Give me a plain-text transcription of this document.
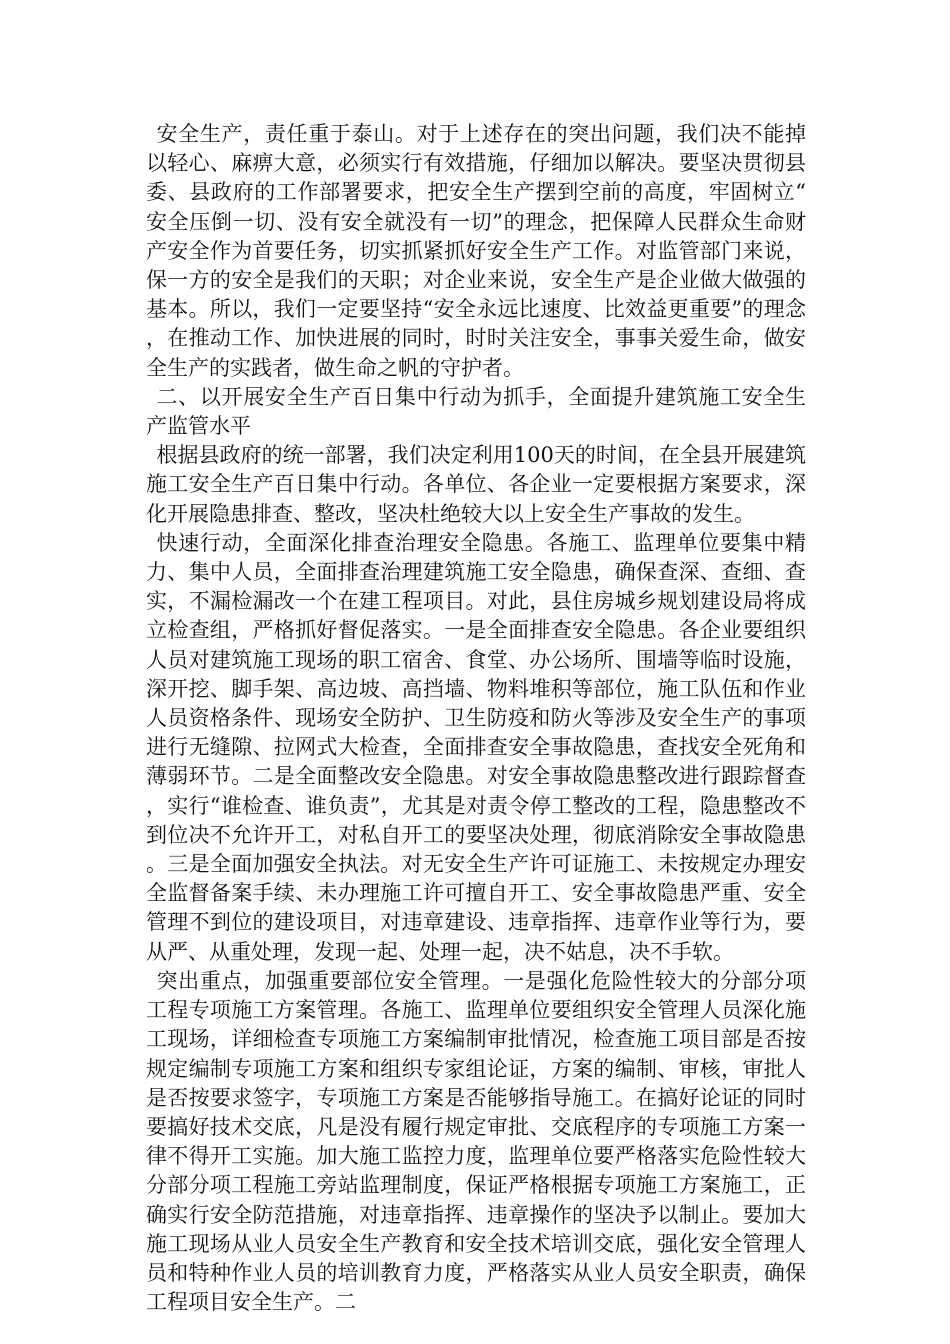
安全生产，责任重于泰山。对于上述存在的突出问题，我们决不能掉以轻心、麻痹大意，必须实行有效措施，仔细加以解决。要坚决贯彻县委、县政府的工作部署要求，把安全生产摆到空前的高度，牢固树立“安全压倒一切、没有安全就没有一切”的理念，把保障人民群众生命财产安全作为首要任务，切实抓紧抓好安全生产工作。对监管部门来说，保一方的安全是我们的天职；对企业来说，安全生产是企业做大做强的基本。所以，我们一定要坚持“安全永远比速度、比效益更重要”的理念，在推动工作、加快进展的同时，时时关注安全，事事关爱生命，做安全生产的实践者，做生命之帆的守护者。

二、以开展安全生产百日集中行动为抓手，全面提升建筑施工安全生产监管水平

根据县政府的统一部署，我们决定利用100天的时间，在全县开展建筑施工安全生产百日集中行动。各单位、各企业一定要根据方案要求，深化开展隐患排查、整改，坚决杜绝较大以上安全生产事故的发生。

快速行动，全面深化排查治理安全隐患。各施工、监理单位要集中精力、集中人员，全面排查治理建筑施工安全隐患，确保查深、查细、查实，不漏检漏改一个在建工程项目。对此，县住房城乡规划建设局将成立检查组，严格抓好督促落实。一是全面排查安全隐患。各企业要组织人员对建筑施工现场的职工宿舍、食堂、办公场所、围墙等临时设施，深开挖、脚手架、高边坡、高挡墙、物料堆积等部位，施工队伍和作业人员资格条件、现场安全防护、卫生防疫和防火等涉及安全生产的事项进行无缝隙、拉网式大检查，全面排查安全事故隐患，查找安全死角和薄弱环节。二是全面整改安全隐患。对安全事故隐患整改进行跟踪督查，实行“谁检查、谁负责”，尤其是对责令停工整改的工程，隐患整改不到位决不允许开工，对私自开工的要坚决处理，彻底消除安全事故隐患。三是全面加强安全执法。对无安全生产许可证施工、未按规定办理安全监督备案手续、未办理施工许可擅自开工、安全事故隐患严重、安全管理不到位的建设项目，对违章建设、违章指挥、违章作业等行为，要从严、从重处理，发现一起、处理一起，决不姑息，决不手软。

突出重点，加强重要部位安全管理。一是强化危险性较大的分部分项工程专项施工方案管理。各施工、监理单位要组织安全管理人员深化施工现场，详细检查专项施工方案编制审批情况，检查施工项目部是否按规定编制专项施工方案和组织专家组论证，方案的编制、审核，审批人是否按要求签字，专项施工方案是否能够指导施工。在搞好论证的同时要搞好技术交底，凡是没有履行规定审批、交底程序的专项施工方案一律不得开工实施。加大施工监控力度，监理单位要严格落实危险性较大分部分项工程施工旁站监理制度，保证严格根据专项施工方案施工，正确实行安全防范措施，对违章指挥、违章操作的坚决予以制止。要加大施工现场从业人员安全生产教育和安全技术培训交底，强化安全管理人员和特种作业人员的培训教育力度，严格落实从业人员安全职责，确保工程项目安全生产。二
